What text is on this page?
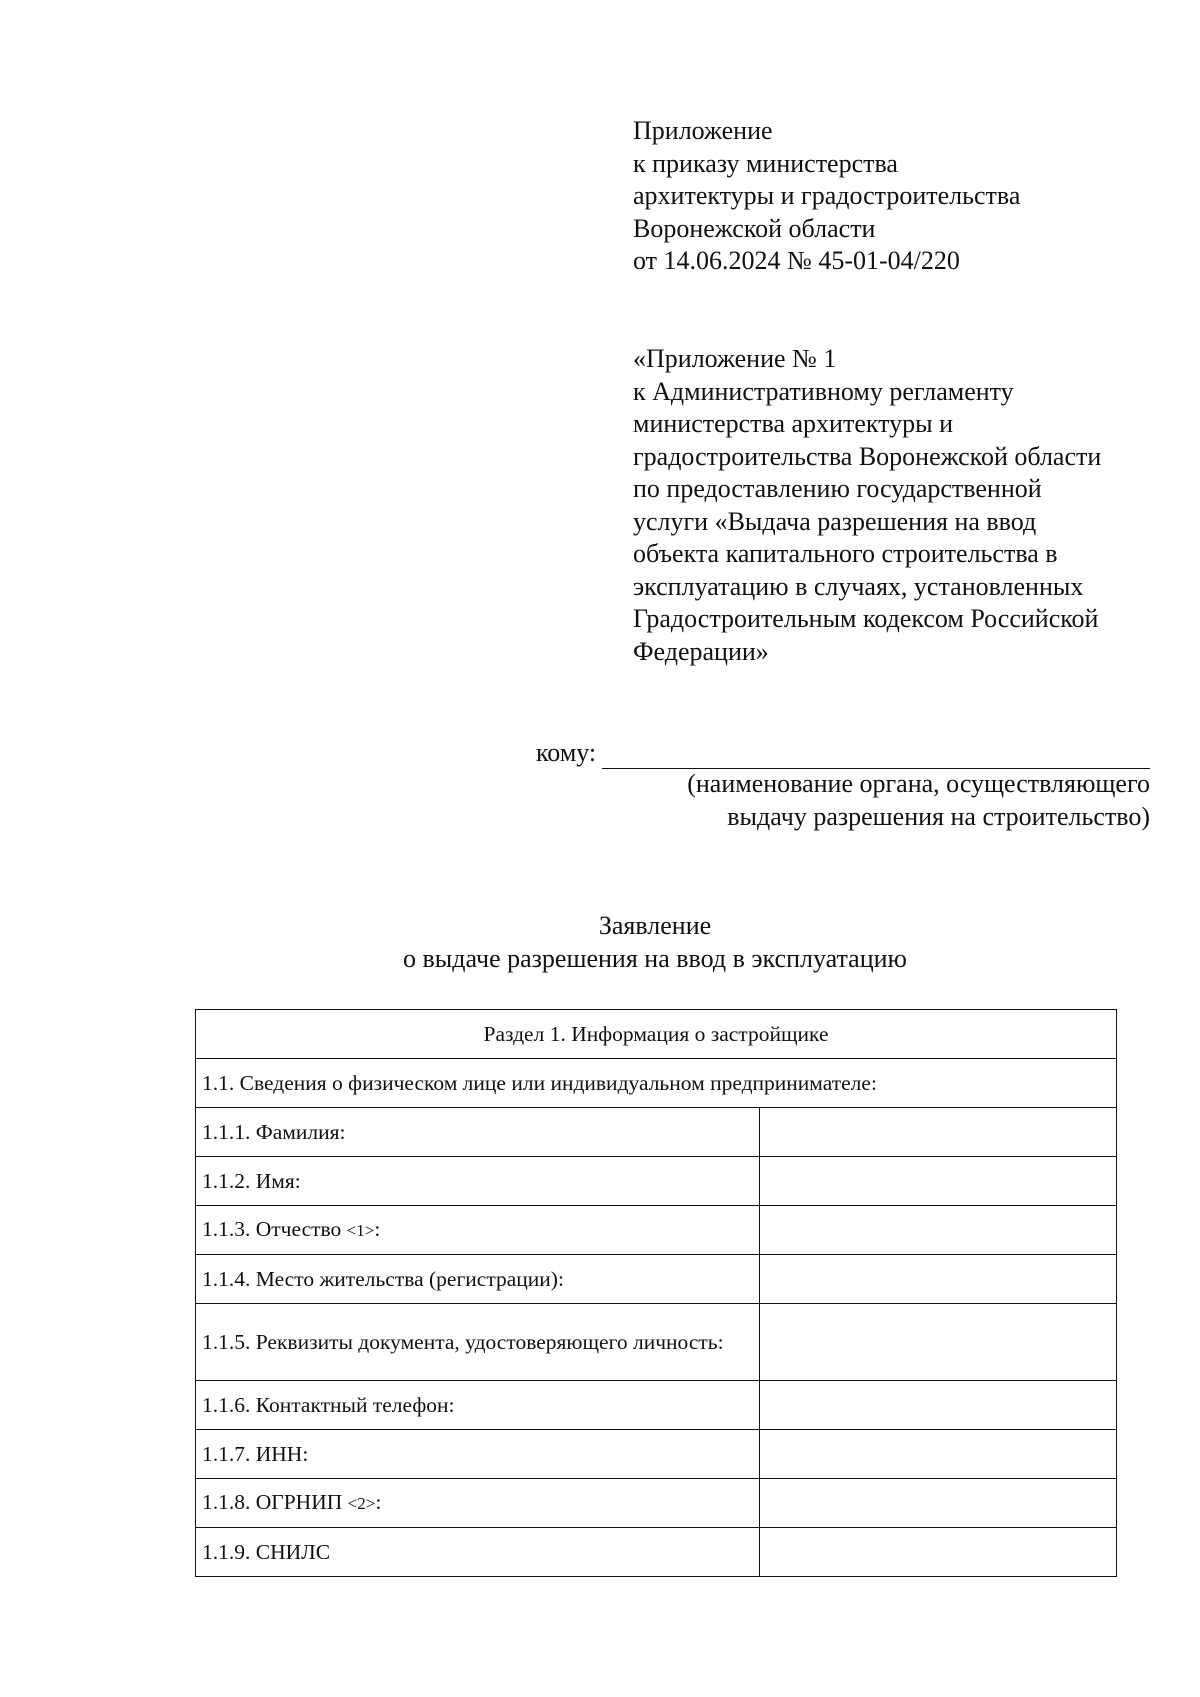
Приложение
к приказу министерства
архитектуры и градостроительства
Воронежской области
от 14.06.2024 № 45-01-04/220
«Приложение № 1
к Административному регламенту
министерства архитектуры и
градостроительства Воронежской области
по предоставлению государственной
услуги «Выдача разрешения на ввод
объекта капитального строительства в
эксплуатацию в случаях, установленных
Градостроительным кодексом Российской
Федерации»
кому:
(наименование органа, осуществляющего
выдачу разрешения на строительство)
Заявление
о выдаче разрешения на ввод в эксплуатацию
Раздел 1. Информация о застройщике	
1.1. Сведения о физическом лице или индивидуальном предпринимателе:	
1.1.1. Фамилия:	
1.1.2. Имя:	
1.1.3. Отчество <1>:	
1.1.4. Место жительства (регистрации):	
1.1.5. Реквизиты документа, удостоверяющего личность:	
1.1.6. Контактный телефон:	
1.1.7. ИНН:	
1.1.8. ОГРНИП <2>:	
1.1.9. СНИЛС	
